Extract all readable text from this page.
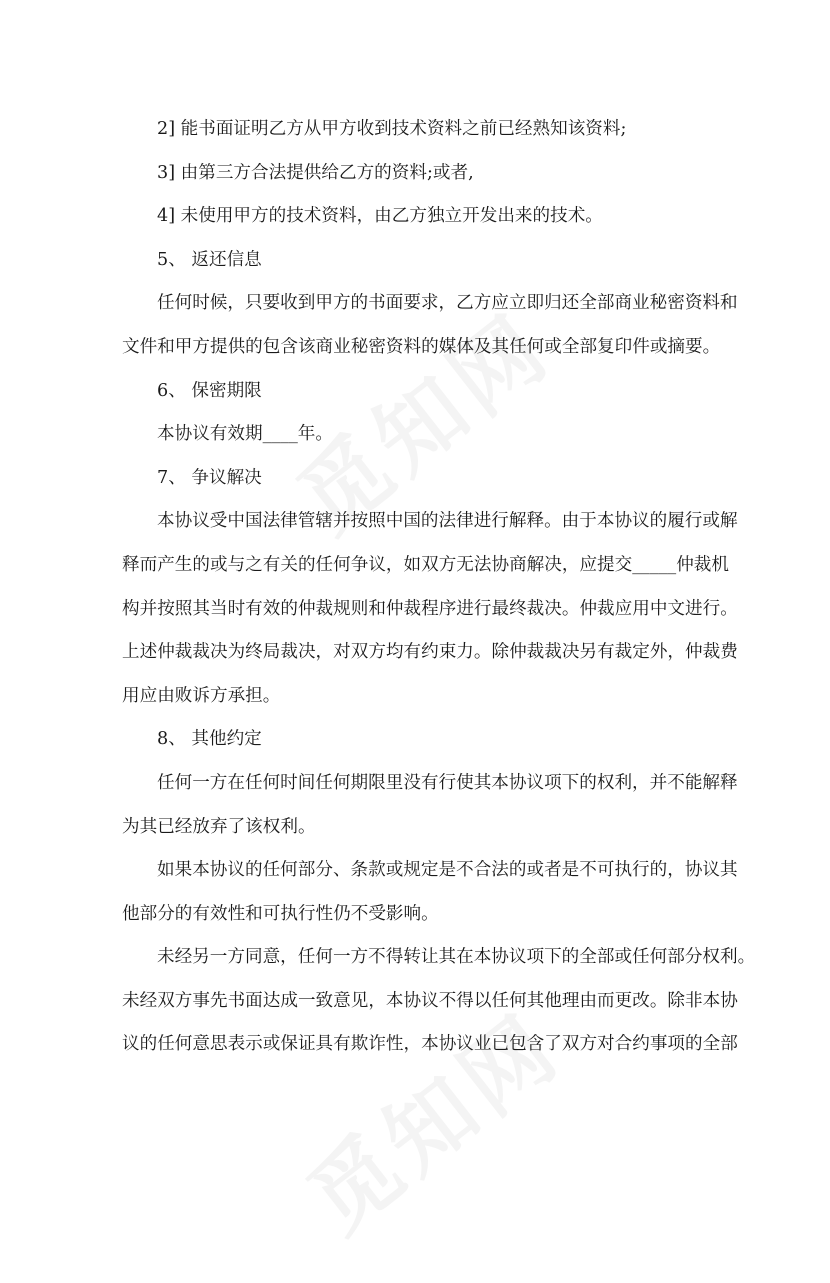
2] 能书面证明乙方从甲方收到技术资料之前已经熟知该资料;
3] 由第三方合法提供给乙方的资料;或者,
4] 未使用甲方的技术资料，由乙方独立开发出来的技术。
5、 返还信息
任何时候，只要收到甲方的书面要求，乙方应立即归还全部商业秘密资料和
文件和甲方提供的包含该商业秘密资料的媒体及其任何或全部复印件或摘要。
6、 保密期限
本协议有效期____年。
7、 争议解决
本协议受中国法律管辖并按照中国的法律进行解释。由于本协议的履行或解
释而产生的或与之有关的任何争议，如双方无法协商解决，应提交_____仲裁机
构并按照其当时有效的仲裁规则和仲裁程序进行最终裁决。仲裁应用中文进行。
上述仲裁裁决为终局裁决，对双方均有约束力。除仲裁裁决另有裁定外，仲裁费
用应由败诉方承担。
8、 其他约定
任何一方在任何时间任何期限里没有行使其本协议项下的权利，并不能解释
为其已经放弃了该权利。
如果本协议的任何部分、条款或规定是不合法的或者是不可执行的，协议其
他部分的有效性和可执行性仍不受影响。
未经另一方同意，任何一方不得转让其在本协议项下的全部或任何部分权利。
未经双方事先书面达成一致意见，本协议不得以任何其他理由而更改。除非本协
议的任何意思表示或保证具有欺诈性，本协议业已包含了双方对合约事项的全部
